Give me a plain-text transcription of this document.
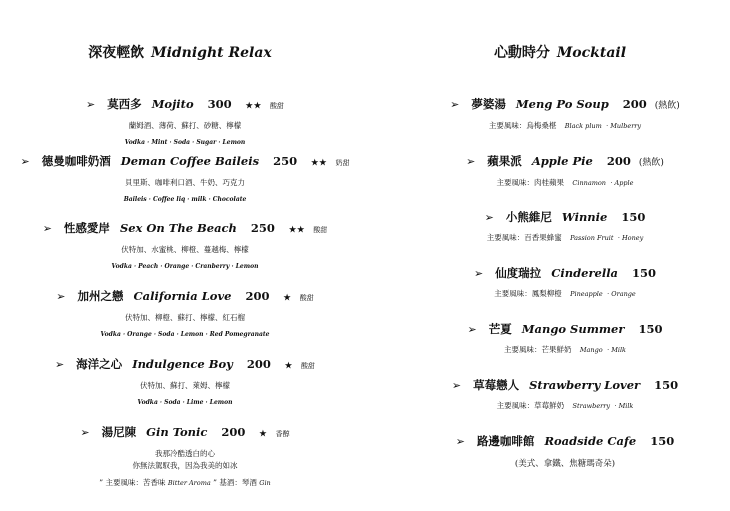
深夜輕飲 Midnight Relax
➢ 莫西多 Mojito 300 ★★ 酸甜
蘭姆酒、薄荷、蘇打、砂糖、檸檬
Vodka · Mint · Soda · Sugar · Lemon
➢ 德曼咖啡奶酒 Deman Coffee Baileis 250 ★★ 奶甜
貝里斯、咖啡利口酒、牛奶、巧克力
Baileis · Coffee liq · milk · Chocolate
➢ 性感愛岸 Sex On The Beach 250 ★★ 酸甜
伏特加、水蜜桃、柳橙、蔓越梅、檸檬
Vodka · Peach · Orange · Cranberry · Lemon
➢ 加州之戀 California Love 200 ★ 酸甜
伏特加、柳橙、蘇打、檸檬、紅石榴
Vodka · Orange · Soda · Lemon · Red Pomegranate
➢ 海洋之心 Indulgence Boy 200 ★ 酸甜
伏特加、蘇打、萊姆、檸檬
Vodka · Soda · Lime · Lemon
➢ 湯尼陳 Gin Tonic 200 ★ 香醇
我那冷酷透白的心
你無法駕馭我，因為我美的如冰
” 主要風味：苦香味 Bitter Aroma ” 基酒：琴酒 Gin
心動時分 Mocktail
➢ 夢婆湯 Meng Po Soup 200 (熱飲)
主要風味：烏梅桑椹 Black plum · Mulberry
➢ 蘋果派 Apple Pie 200 (熱飲)
主要風味：肉桂蘋果 Cinnamon · Apple
➢ 小熊維尼 Winnie 150
主要風味：百香果蜂蜜 Passion Fruit · Honey
➢ 仙度瑞拉 Cinderella 150
主要風味：鳳梨柳橙 Pineapple · Orange
➢ 芒夏 Mango Summer 150
主要風味：芒果鮮奶 Mango · Milk
➢ 草莓戀人 Strawberry Lover 150
主要風味：草莓鮮奶 Strawberry · Milk
➢ 路邊咖啡館 Roadside Cafe 150
(美式、拿鐵、焦糖瑪奇朵)
